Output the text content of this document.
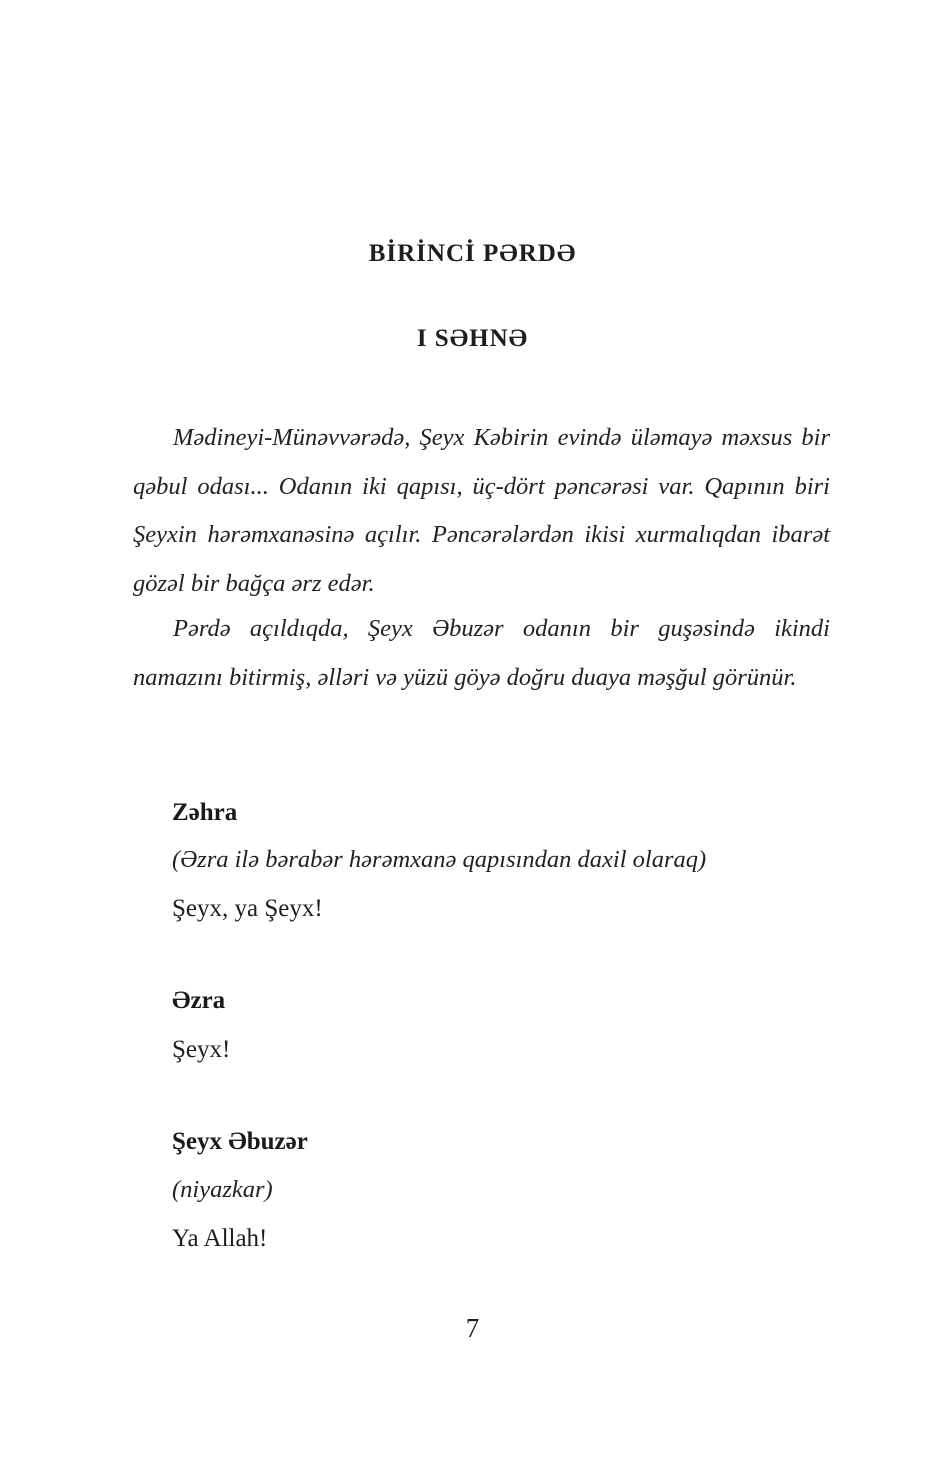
BİRİNCİ PƏRDƏ
I SƏHNƏ

Mədineyi-Münəvvərədə, Şeyx Kəbirin evində üləmayə məxsus bir qəbul odası... Odanın iki qapısı, üç-dört pəncərəsi var. Qapının biri Şeyxin hərəmxanəsinə açılır. Pəncərələrdən ikisi xurmalıqdan ibarət gözəl bir bağça ərz edər.

Pərdə açıldıqda, Şeyx Əbuzər odanın bir guşəsində ikindi namazını bitirmiş, əlləri və yüzü göyə doğru duaya məşğul görünür.

Zəhra
(Əzra ilə bərabər hərəmxanə qapısından daxil olaraq)
Şeyx, ya Şeyx!
Əzra
Şeyx!
Şeyx Əbuzər
(niyazkar)
Ya Allah!
7
